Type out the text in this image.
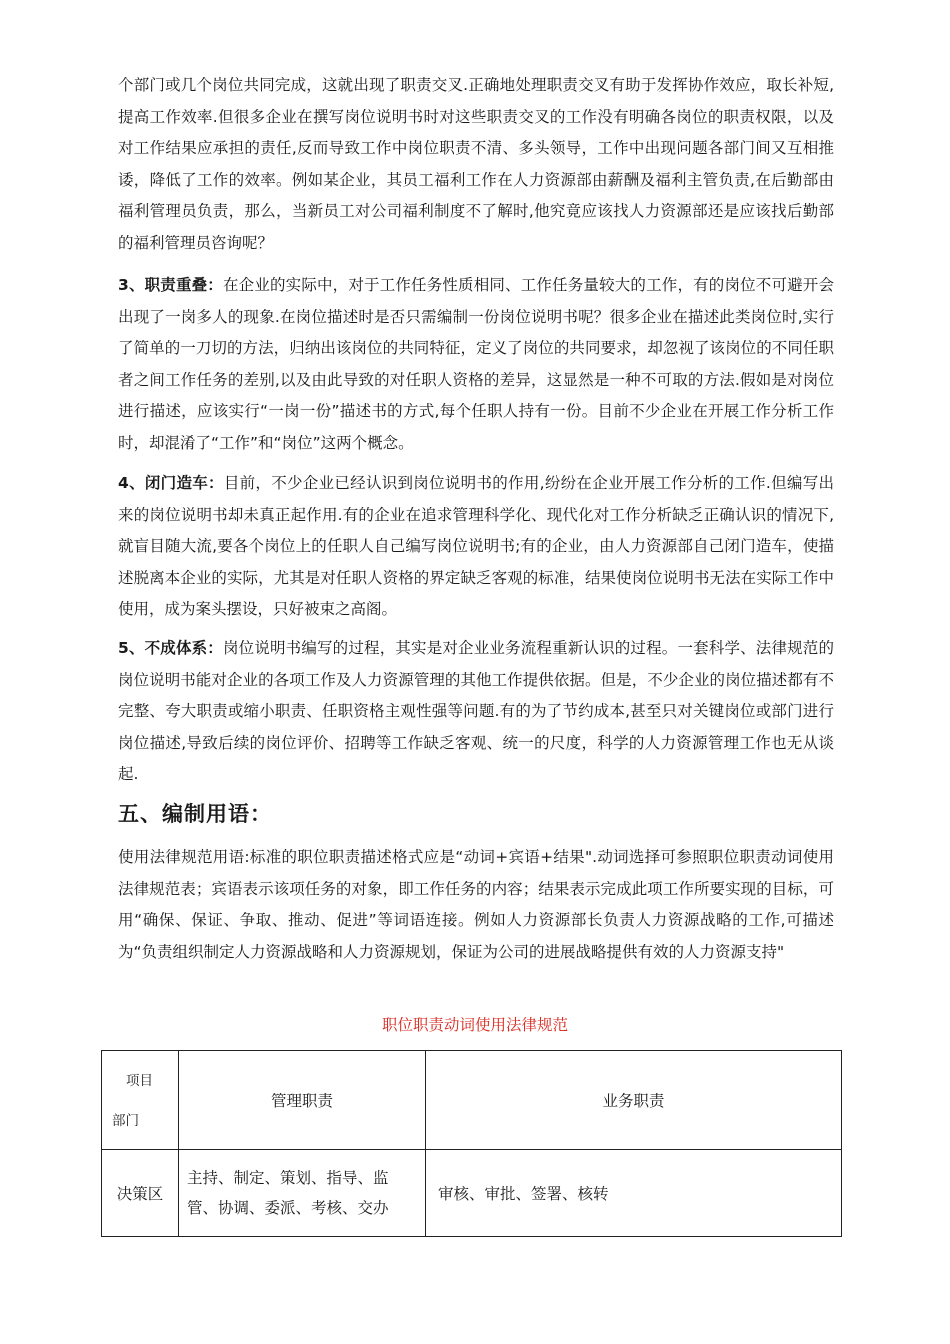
个部门或几个岗位共同完成，这就出现了职责交叉.正确地处理职责交叉有助于发挥协作效应，取长补短,提高工作效率.但很多企业在撰写岗位说明书时对这些职责交叉的工作没有明确各岗位的职责权限，以及对工作结果应承担的责任,反而导致工作中岗位职责不清、多头领导，工作中出现问题各部门间又互相推诿，降低了工作的效率。例如某企业，其员工福利工作在人力资源部由薪酬及福利主管负责,在后勤部由福利管理员负责，那么，当新员工对公司福利制度不了解时,他究竟应该找人力资源部还是应该找后勤部的福利管理员咨询呢？

3、职责重叠：在企业的实际中，对于工作任务性质相同、工作任务量较大的工作，有的岗位不可避开会出现了一岗多人的现象.在岗位描述时是否只需编制一份岗位说明书呢？很多企业在描述此类岗位时,实行了简单的一刀切的方法，归纳出该岗位的共同特征，定义了岗位的共同要求，却忽视了该岗位的不同任职者之间工作任务的差别,以及由此导致的对任职人资格的差异，这显然是一种不可取的方法.假如是对岗位进行描述，应该实行“一岗一份”描述书的方式,每个任职人持有一份。目前不少企业在开展工作分析工作时，却混淆了“工作”和“岗位”这两个概念。

4、闭门造车：目前，不少企业已经认识到岗位说明书的作用,纷纷在企业开展工作分析的工作.但编写出来的岗位说明书却未真正起作用.有的企业在追求管理科学化、现代化对工作分析缺乏正确认识的情况下,就盲目随大流,要各个岗位上的任职人自己编写岗位说明书;有的企业，由人力资源部自己闭门造车，使描述脱离本企业的实际，尤其是对任职人资格的界定缺乏客观的标准，结果使岗位说明书无法在实际工作中使用，成为案头摆设，只好被束之高阁。

5、不成体系：岗位说明书编写的过程，其实是对企业业务流程重新认识的过程。一套科学、法律规范的岗位说明书能对企业的各项工作及人力资源管理的其他工作提供依据。但是，不少企业的岗位描述都有不完整、夸大职责或缩小职责、任职资格主观性强等问题.有的为了节约成本,甚至只对关键岗位或部门进行岗位描述,导致后续的岗位评价、招聘等工作缺乏客观、统一的尺度，科学的人力资源管理工作也无从谈起.

五、编制用语：

使用法律规范用语:标准的职位职责描述格式应是“动词+宾语+结果".动词选择可参照职位职责动词使用法律规范表；宾语表示该项任务的对象，即工作任务的内容；结果表示完成此项工作所要实现的目标，可用“确保、保证、争取、推动、促进”等词语连接。例如人力资源部长负责人力资源战略的工作,可描述为“负责组织制定人力资源战略和人力资源规划，保证为公司的进展战略提供有效的人力资源支持"

职位职责动词使用法律规范

项目
部门	管理职责	业务职责
决策区	主持、制定、策划、指导、监管、协调、委派、考核、交办	审核、审批、签署、核转
